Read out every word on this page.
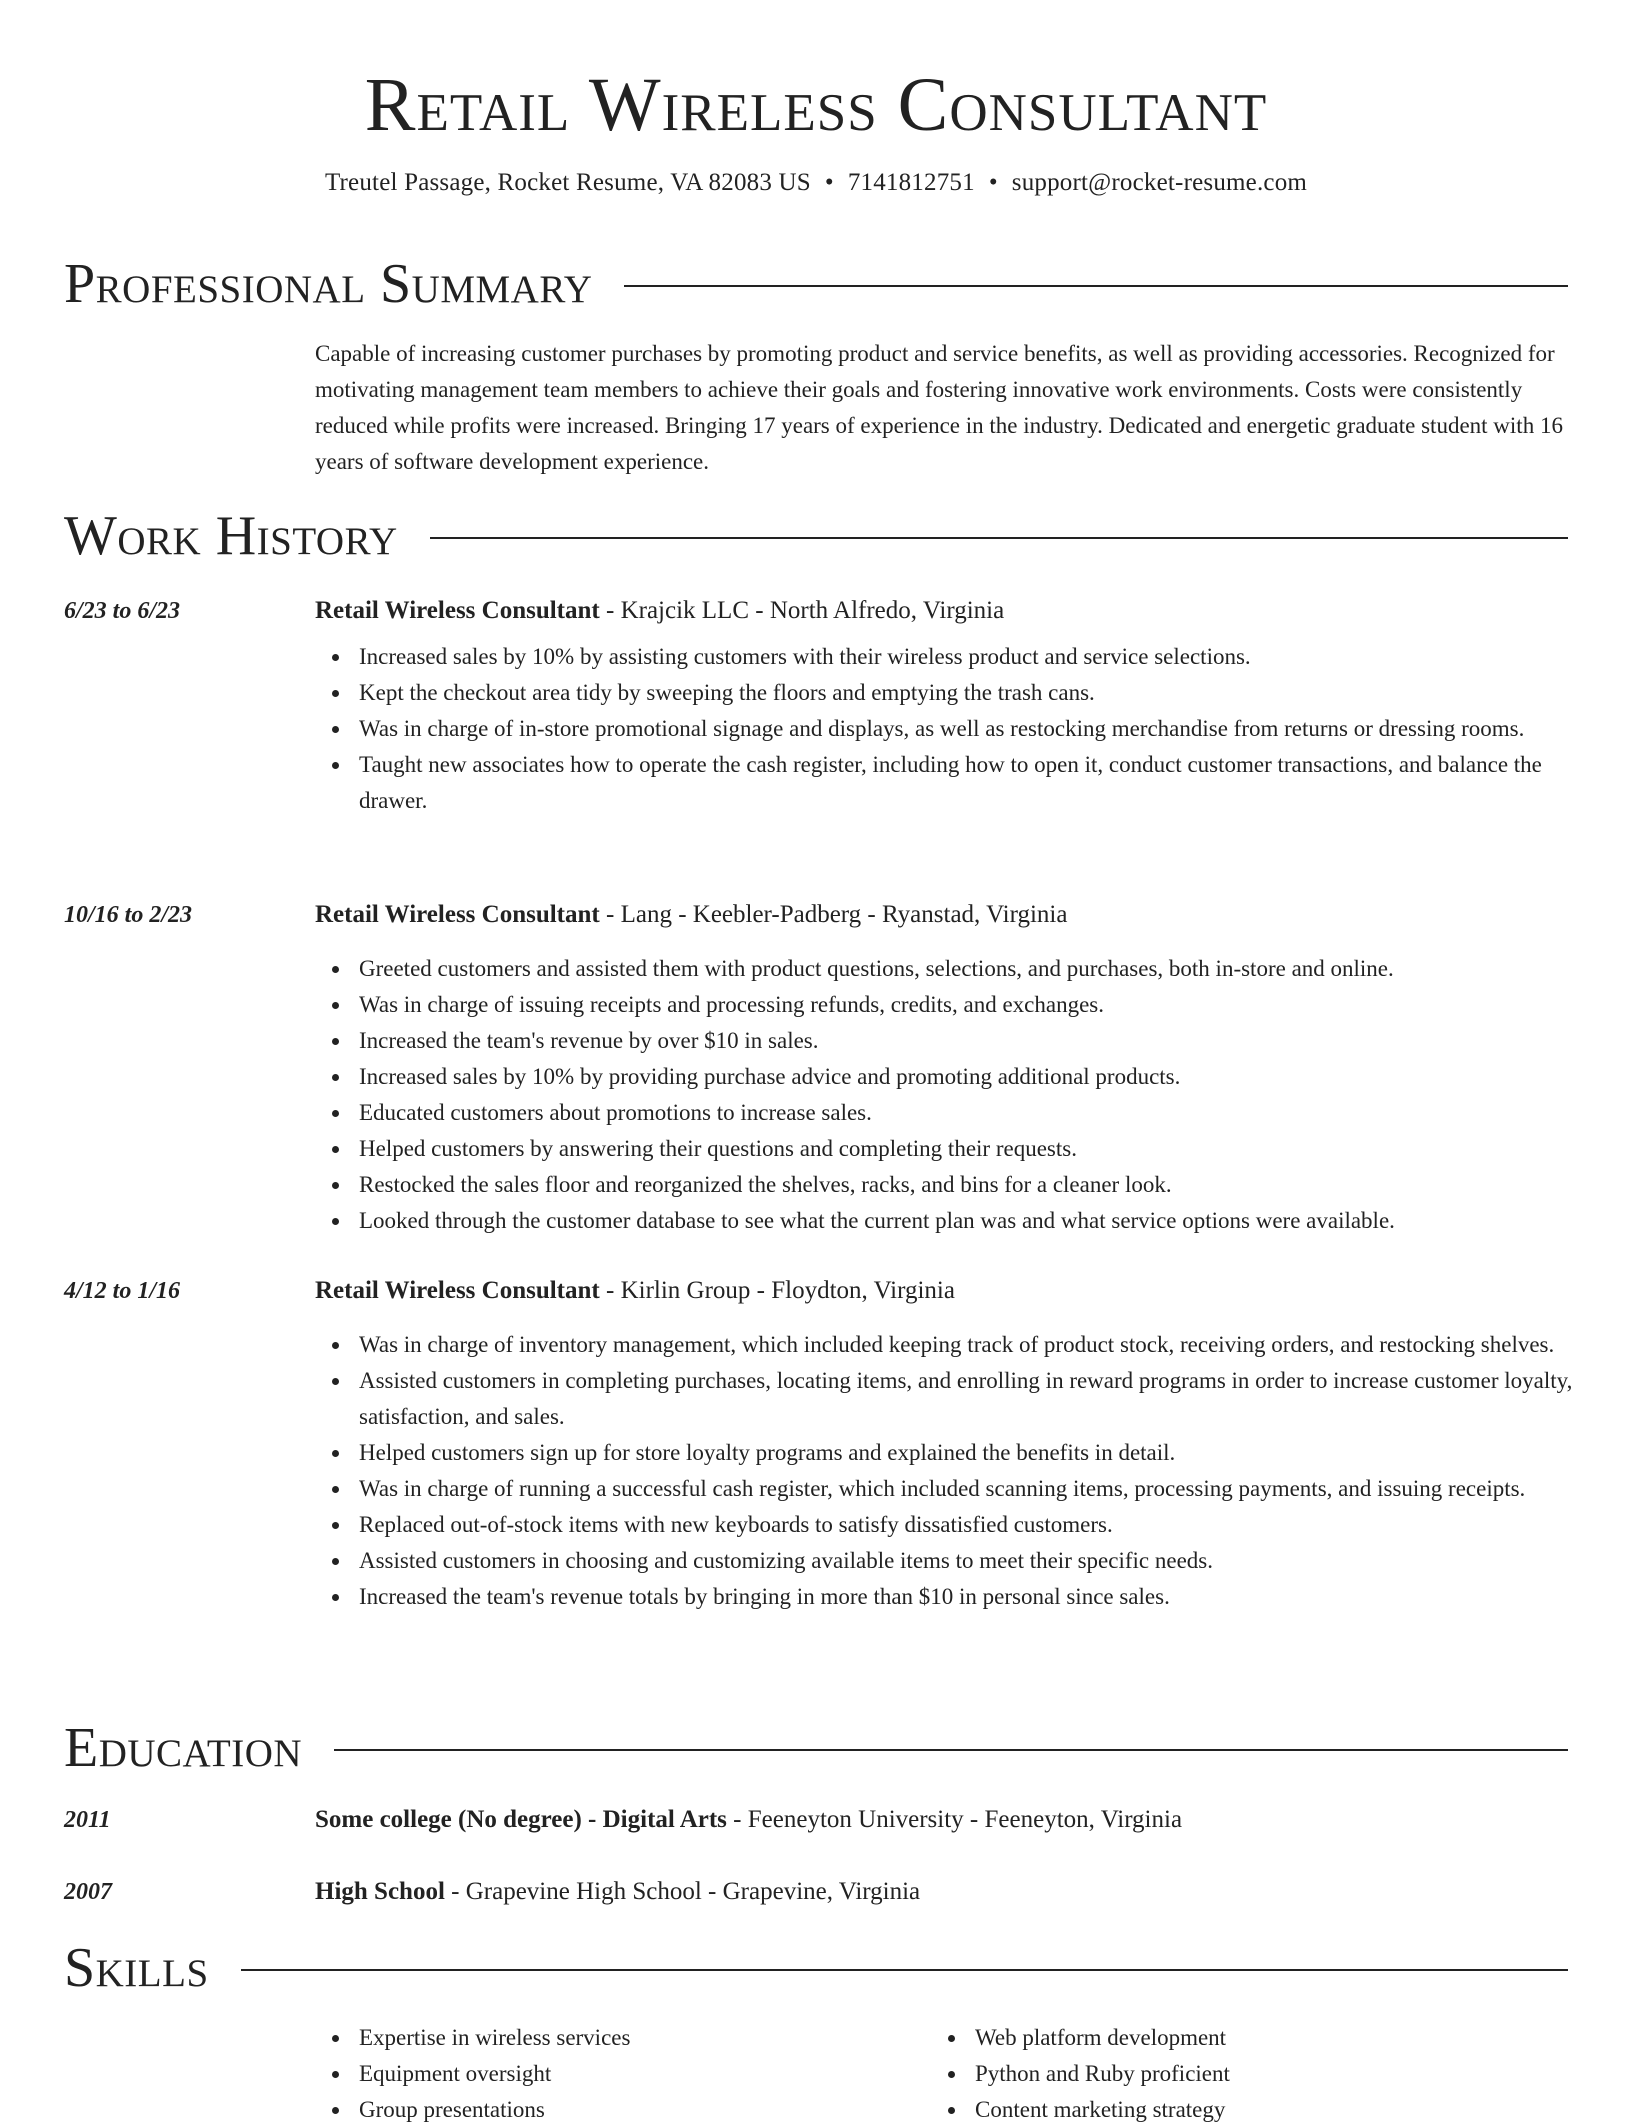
Retail Wireless Consultant
Treutel Passage, Rocket Resume, VA 82083 US • 7141812751 • support@rocket-resume.com
Professional Summary
Capable of increasing customer purchases by promoting product and service benefits, as well as providing accessories. Recognized for motivating management team members to achieve their goals and fostering innovative work environments. Costs were consistently reduced while profits were increased. Bringing 17 years of experience in the industry. Dedicated and energetic graduate student with 16 years of software development experience.
Work History
6/23 to 6/23	Retail Wireless Consultant - Krajcik LLC - North Alfredo, Virginia
Increased sales by 10% by assisting customers with their wireless product and service selections.
Kept the checkout area tidy by sweeping the floors and emptying the trash cans.
Was in charge of in-store promotional signage and displays, as well as restocking merchandise from returns or dressing rooms.
Taught new associates how to operate the cash register, including how to open it, conduct customer transactions, and balance the drawer.
10/16 to 2/23	Retail Wireless Consultant - Lang - Keebler-Padberg - Ryanstad, Virginia
Greeted customers and assisted them with product questions, selections, and purchases, both in-store and online.
Was in charge of issuing receipts and processing refunds, credits, and exchanges.
Increased the team's revenue by over $10 in sales.
Increased sales by 10% by providing purchase advice and promoting additional products.
Educated customers about promotions to increase sales.
Helped customers by answering their questions and completing their requests.
Restocked the sales floor and reorganized the shelves, racks, and bins for a cleaner look.
Looked through the customer database to see what the current plan was and what service options were available.
4/12 to 1/16	Retail Wireless Consultant - Kirlin Group - Floydton, Virginia
Was in charge of inventory management, which included keeping track of product stock, receiving orders, and restocking shelves.
Assisted customers in completing purchases, locating items, and enrolling in reward programs in order to increase customer loyalty, satisfaction, and sales.
Helped customers sign up for store loyalty programs and explained the benefits in detail.
Was in charge of running a successful cash register, which included scanning items, processing payments, and issuing receipts.
Replaced out-of-stock items with new keyboards to satisfy dissatisfied customers.
Assisted customers in choosing and customizing available items to meet their specific needs.
Increased the team's revenue totals by bringing in more than $10 in personal since sales.
Education
2011	Some college (No degree) - Digital Arts - Feeneyton University - Feeneyton, Virginia
2007	High School - Grapevine High School - Grapevine, Virginia
Skills
Expertise in wireless services
Equipment oversight
Group presentations
Web platform development
Python and Ruby proficient
Content marketing strategy
